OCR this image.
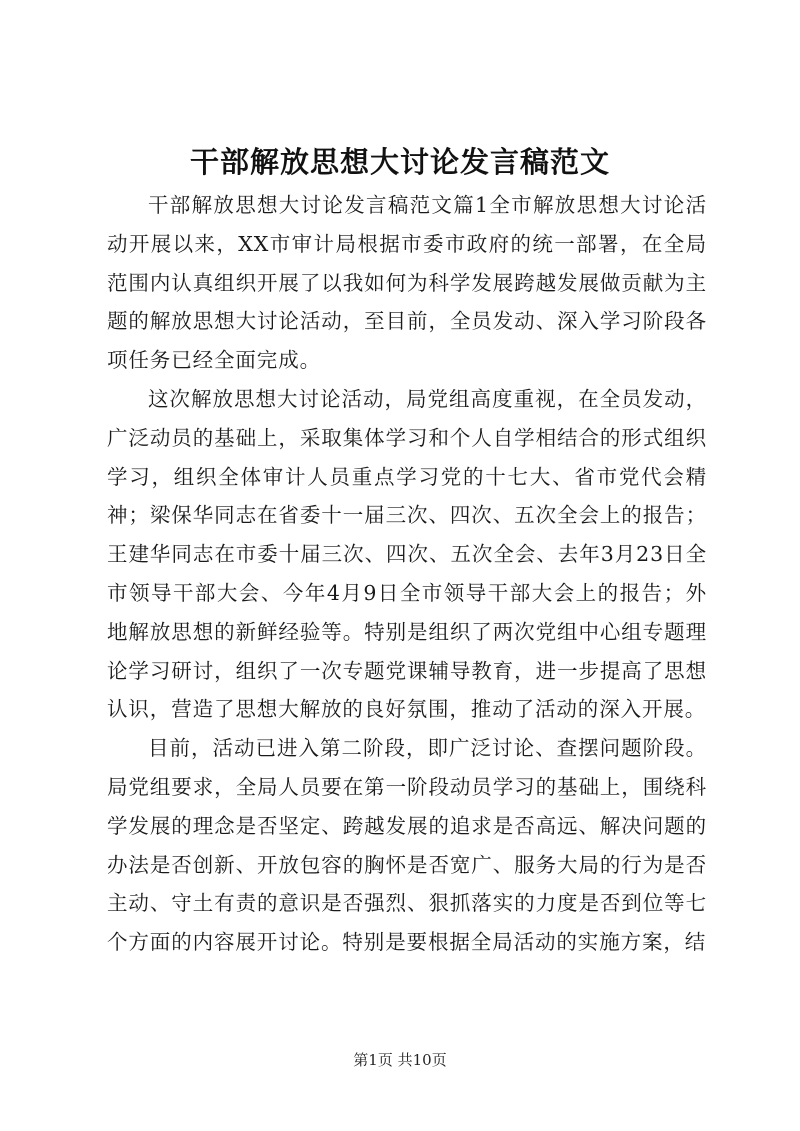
干部解放思想大讨论发言稿范文

干部解放思想大讨论发言稿范文篇1全市解放思想大讨论活动开展以来，XX市审计局根据市委市政府的统一部署，在全局范围内认真组织开展了以我如何为科学发展跨越发展做贡献为主题的解放思想大讨论活动，至目前，全员发动、深入学习阶段各项任务已经全面完成。

这次解放思想大讨论活动，局党组高度重视，在全员发动，广泛动员的基础上，采取集体学习和个人自学相结合的形式组织学习，组织全体审计人员重点学习党的十七大、省市党代会精神；梁保华同志在省委十一届三次、四次、五次全会上的报告；王建华同志在市委十届三次、四次、五次全会、去年3月23日全市领导干部大会、今年4月9日全市领导干部大会上的报告；外地解放思想的新鲜经验等。特别是组织了两次党组中心组专题理论学习研讨，组织了一次专题党课辅导教育，进一步提高了思想认识，营造了思想大解放的良好氛围，推动了活动的深入开展。

目前，活动已进入第二阶段，即广泛讨论、查摆问题阶段。局党组要求，全局人员要在第一阶段动员学习的基础上，围绕科学发展的理念是否坚定、跨越发展的追求是否高远、解决问题的办法是否创新、开放包容的胸怀是否宽广、服务大局的行为是否主动、守土有责的意识是否强烈、狠抓落实的力度是否到位等七个方面的内容展开讨论。特别是要根据全局活动的实施方案，结

第1页 共10页
